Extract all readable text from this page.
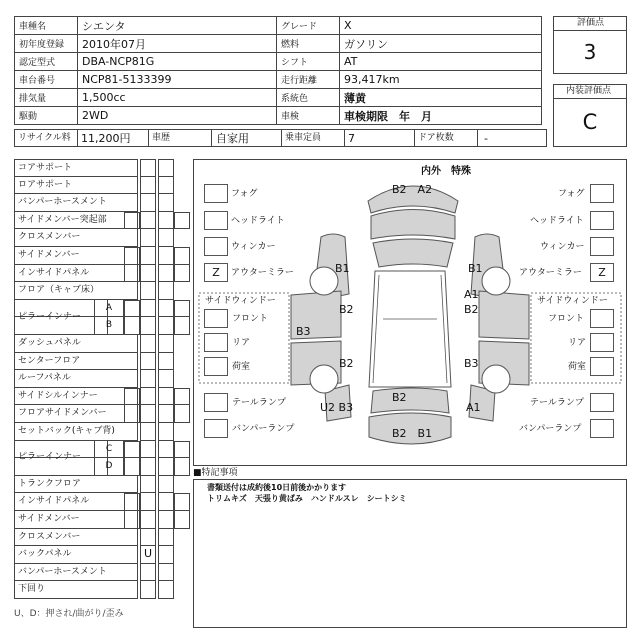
車種名	シエンタ	グレード	X
初年度登録	2010年07月	燃料	ガソリン
認定型式	DBA-NCP81G	シフト	AT
車台番号	NCP81-5133399	走行距離	93,417km
排気量	1,500cc	系統色	薄黄
駆動	2WD	車検	車検期限　年　月
リサイクル料 11,200円 車歴	自家用	乗車定員 7	ドア枚数	-
評価点
3
内装評価点
C
コアサポート
ロアサポート
バンパーホースメント
サイドメンバー突起部
クロスメンバー
サイドメンバー
インサイドパネル
フロア（キャブ床）
ピラーインナー
A
B
ダッシュパネル
センターフロア
ルーフパネル
サイドシルインナー
フロアサイドメンバー
セットバック(キャブ背)
ピラーインナー
C
D
トランクフロア
インサイドパネル
サイドメンバー
クロスメンバー
バックパネル	U
バンパーホースメント
下回り
U、D：押され/曲がり/歪み
内外　特殊
フォグ
ヘッドライト
ウィンカー
Z	アウターミラー
サイドウィンドー
フロント
リア
荷室
テールランプ
バンパーランプ
フォグ
ヘッドライト
ウィンカー
Z
アウターミラー
サイドウィンドー
フロント
リア
荷室
テールランプ
バンパーランプ
B2　A2
B1	B1
B2
A1
B2
B3
B2	B3
U2 B3
B2
A1
B2　B1
■特記事項
書類送付は成約後10日前後かかります
トリムキズ　天張り黄ばみ　ハンドルスレ　シートシミ
